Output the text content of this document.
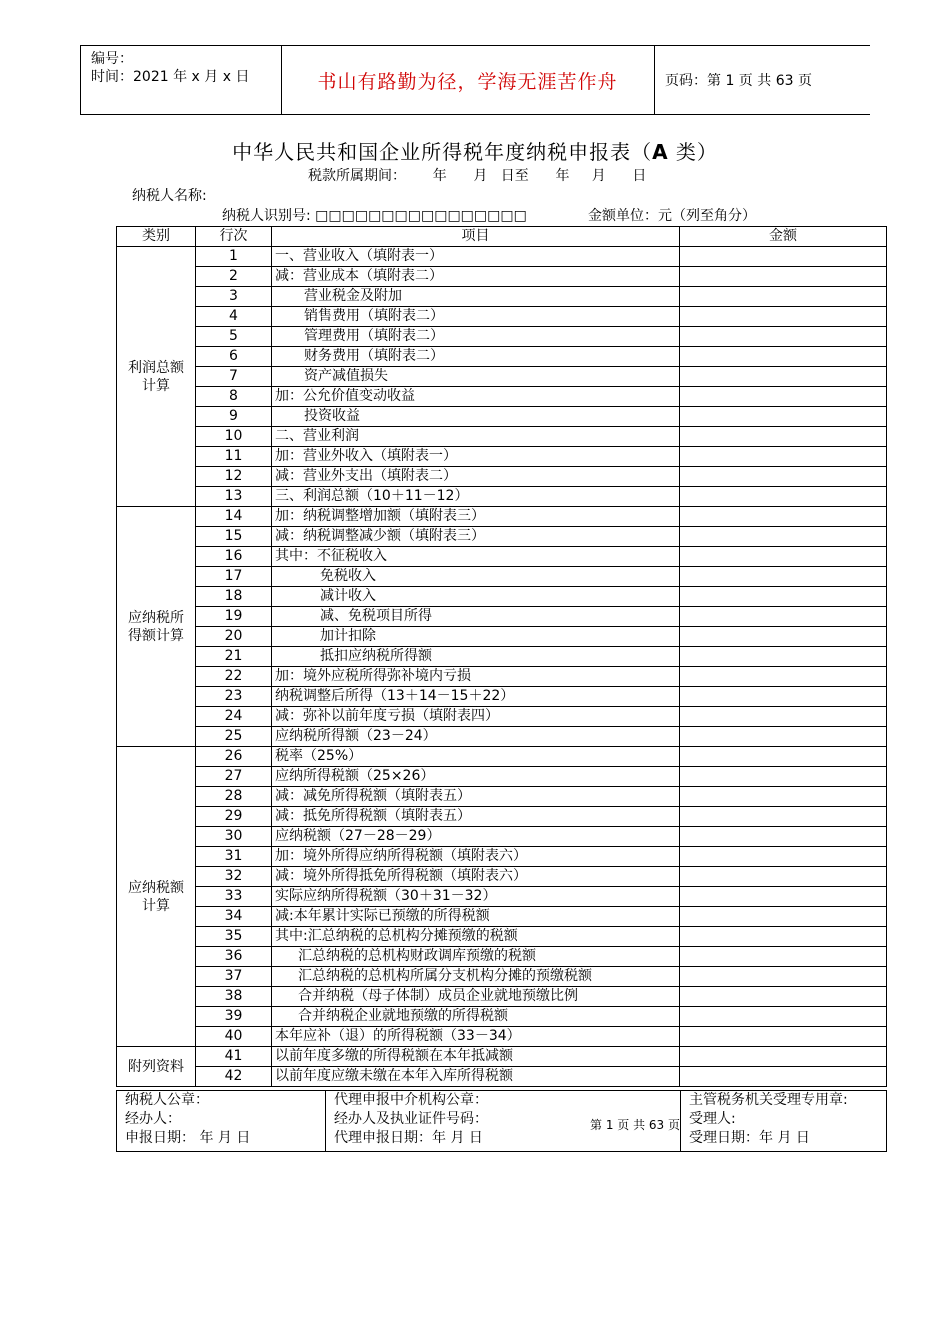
编号：
时间：2021 年 x 月 x 日	书山有路勤为径，学海无涯苦作舟	页码：第 1 页 共 63 页
中华人民共和国企业所得税年度纳税申报表（A 类）
税款所属期间：      年      月   日至      年     月      日
纳税人名称:
纳税人识别号: □□□□□□□□□□□□□□□□	金额单位：元（列至角分）
类别	行次	项目	金额
利润总额计算	1	一、营业收入（填附表一）	
	2	减：营业成本（填附表二）	
	3	营业税金及附加	
	4	销售费用（填附表二）	
	5	管理费用（填附表二）	
	6	财务费用（填附表二）	
	7	资产减值损失	
	8	加：公允价值变动收益	
	9	投资收益	
	10	二、营业利润	
	11	加：营业外收入（填附表一）	
	12	减：营业外支出（填附表二）	
	13	三、利润总额（10＋11－12）	
应纳税所得额计算	14	加：纳税调整增加额（填附表三）	
	15	减：纳税调整减少额（填附表三）	
	16	其中：不征税收入	
	17	免税收入	
	18	减计收入	
	19	减、免税项目所得	
	20	加计扣除	
	21	抵扣应纳税所得额	
	22	加：境外应税所得弥补境内亏损	
	23	纳税调整后所得（13＋14－15＋22）	
	24	减：弥补以前年度亏损（填附表四）	
	25	应纳税所得额（23－24）	
应纳税额计算	26	税率（25%）	
	27	应纳所得税额（25×26）	
	28	减：减免所得税额（填附表五）	
	29	减：抵免所得税额（填附表五）	
	30	应纳税额（27－28－29）	
	31	加：境外所得应纳所得税额（填附表六）	
	32	减：境外所得抵免所得税额（填附表六）	
	33	实际应纳所得税额（30＋31－32）	
	34	减:本年累计实际已预缴的所得税额	
	35	其中:汇总纳税的总机构分摊预缴的税额	
	36	汇总纳税的总机构财政调库预缴的税额	
	37	汇总纳税的总机构所属分支机构分摊的预缴税额	
	38	合并纳税（母子体制）成员企业就地预缴比例	
	39	合并纳税企业就地预缴的所得税额	
	40	本年应补（退）的所得税额（33－34）	
附列资料	41	以前年度多缴的所得税额在本年抵减额	
	42	以前年度应缴未缴在本年入库所得税额	
纳税人公章：
经办人：
申报日期： 年 月 日

代理申报中介机构公章：
经办人及执业证件号码：
代理申报日期：年 月 日

主管税务机关受理专用章:
受理人:
受理日期：年 月 日
第 1 页 共 63 页
